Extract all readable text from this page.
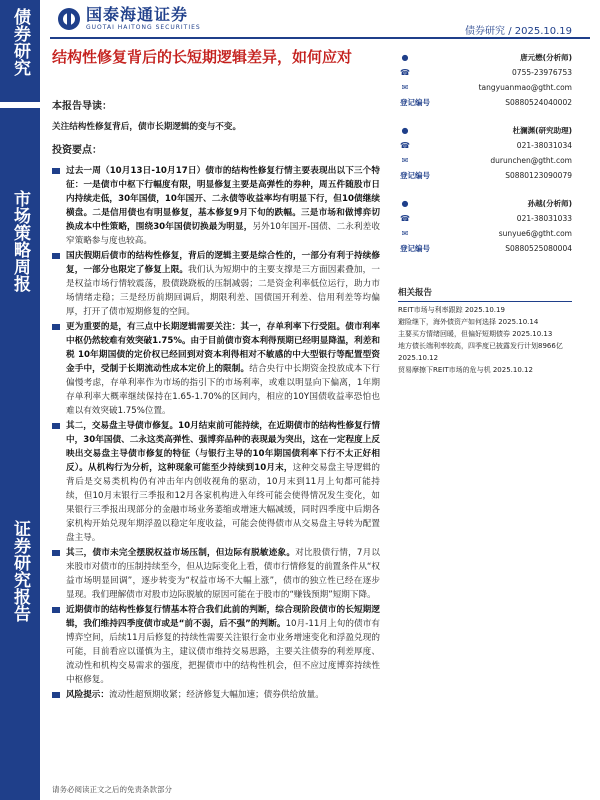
债券研究
市场策略周报
证券研究报告
国泰海通证券
GUOTAI HAITONG SECURITIES	债券研究 / 2025.10.19
结构性修复背后的长短期逻辑差异，如何应对
本报告导读：
关注结构性修复背后，债市长期逻辑的变与不变。
投资要点：
过去一周（10月13日-10月17日）债市的结构性修复行情主要表现出以下三个特征：一是债市中枢下行幅度有限，明显修复主要是高弹性的券种，周五件随股市日内持续走低，30年国债，10年国开、二永债等收益率均有明显下行，但10债继续横盘。二是信用债也有明显修复，基本修复9月下旬的跌幅。三是市场和做博弈切换成本中性策略，围绕30年国债切换最为明显，另外10年国开-国债、二永利差收窄策略参与度也较高。
国庆假期后债市的结构性修复，背后的逻辑主要是综合性的，一部分有利于持续修复，一部分也限定了修复上限。我们认为短期中的主要支撑是三方面因素叠加，一是权益市场行情较震荡，股债跷跷板的压制减弱；二是资金利率低位运行，助力市场情绪走稳；三是经历前期回调后，期限利差、国债国开利差、信用利差等均偏厚，打开了债市短期修复的空间。
更为重要的是，有三点中长期逻辑需要关注：其一，存单利率下行受阻。债市利率中枢仍然较难有效突破1.75%。由于目前债市资本利得预期已经明显降温，利差和税 10年期国债的定价权已经回到对资本利得相对不敏感的中大型银行等配置型资金手中，受制于长期流动性成本定价上的限制。结合央行中长期资金投放成本下行偏慢考虑，存单利率作为市场的指引下的市场利率，或难以明显向下偏离，1年期存单利率大概率继续保持在1.65-1.70%的区间内，相应的10Y国债收益率恐怕也难以有效突破1.75%位置。
其二，交易盘主导债市修复。10月结束前可能持续，在近期债市的结构性修复行情中，30年国债、二永这类高弹性、强博弈品种的表现最为突出，这在一定程度上反映出交易盘主导债市修复的特征（与银行主导的10年期国债利率下行不太正好相反）。从机构行为分析，这种现象可能至少持续到10月末，这种交易盘主导逻辑的背后是交易类机构仍有冲击年内创收视角的驱动，10月末到11月上旬都可能持续，但10月末银行三季报和12月各家机构进入年终可能会使得情况发生变化，如果银行三季报出现部分的金融市场业务萎缩或增速大幅减缓，同时四季度中后期各家机构开始兑现年期浮盈以稳定年度收益，可能会使得债市从交易盘主导转为配置盘主导。
其三，债市未完全摆脱权益市场压制，但边际有脱敏迹象。对比股债行情，7月以来股市对债市的压制持续至今，但从边际变化上看，债市行情修复的前置条件从“权益市场明显回调”，逐步转变为“权益市场不大幅上涨”，债市的独立性已经在逐步显现。我们理解债市对股市边际脱敏的原因可能在于股市的“赚钱预期”短期下降。
近期债市的结构性修复行情基本符合我们此前的判断，综合现阶段债市的长短期逻辑，我们维持四季度债市或是“前不弱，后不强”的判断。10月-11月上旬的债市有博弈空间，后续11月后修复的持续性需要关注银行金市业务增速变化和浮盈兑现的可能，目前看应以谨慎为主，建议债市维持交易思路，主要关注债券的利差厚度、流动性和机构交易需求的强度，把握债市中的结构性机会，但不应过度博弈持续性中枢修复。
风险提示：流动性超预期收紧；经济修复大幅加速；债券供给放量。
●	唐元懋(分析师)
☎	0755-23976753
✉	tangyuanmao@gtht.com
登记编号	S0880524040002
●	杜澜渊(研究助理)
☎	021-38031034
✉	durunchen@gtht.com
登记编号	S0880123090079
●	孙越(分析师)
☎	021-38031033
✉	sunyue6@gtht.com
登记编号	S0880525080004
相关报告
REIT市场与利率跟踪 2025.10.19
避险继下，海外债资产如何选择 2025.10.14
主要买方情绪回暖，但偏好短期债券 2025.10.13
地方债长端利率较高，四季度已披露发行计划8966亿 2025.10.12
贸易摩擦下REIT市场的危与机 2025.10.12
请务必阅读正文之后的免责条款部分
